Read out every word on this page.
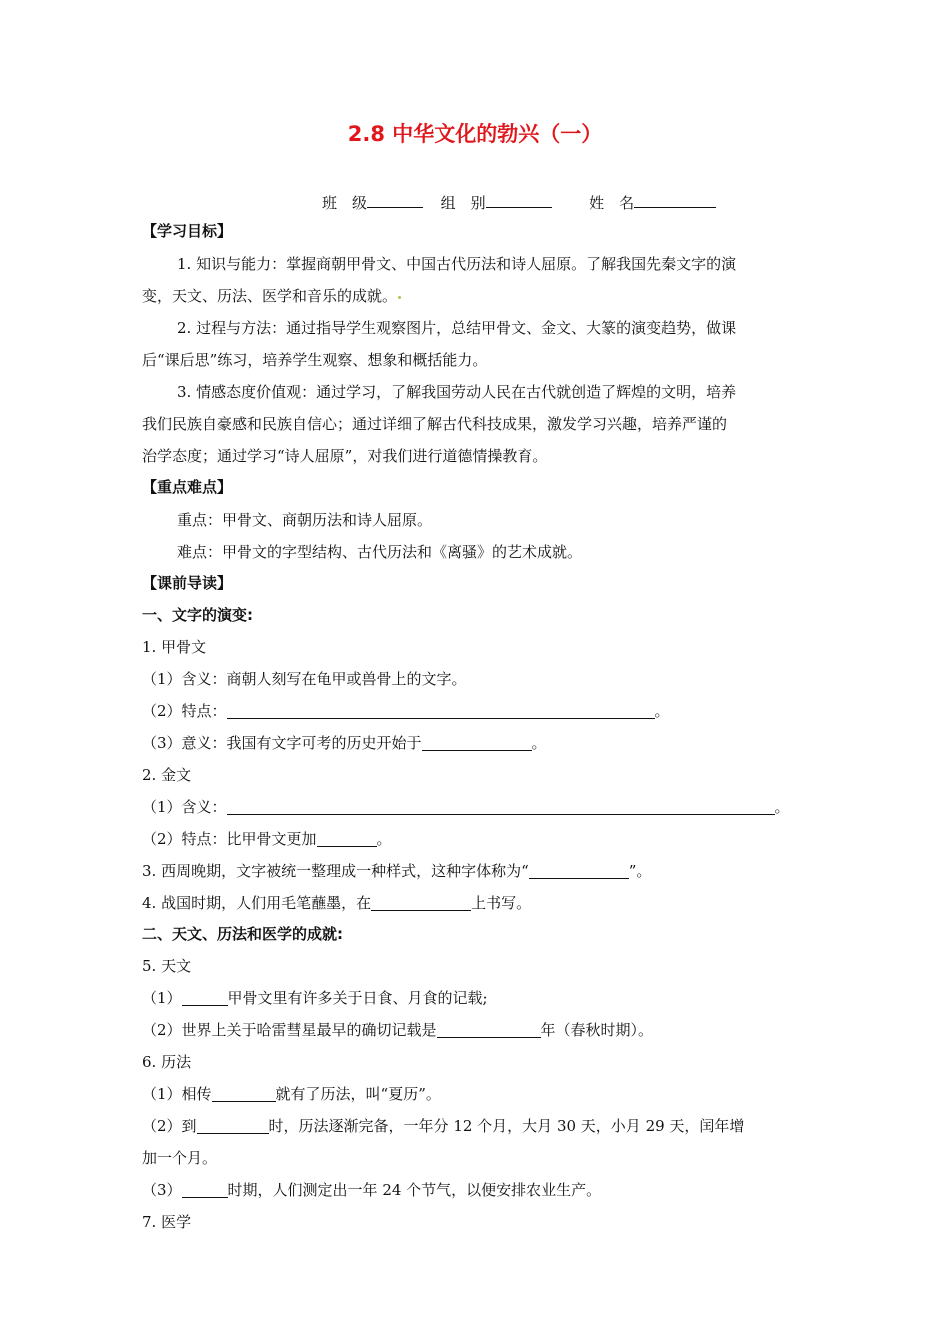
2.8 中华文化的勃兴（一）
班　级	组　别	姓　名
【学习目标】
1. 知识与能力：掌握商朝甲骨文、中国古代历法和诗人屈原。了解我国先秦文字的演
变，天文、历法、医学和音乐的成就。
2. 过程与方法：通过指导学生观察图片，总结甲骨文、金文、大篆的演变趋势，做课
后“课后思”练习，培养学生观察、想象和概括能力。
3. 情感态度价值观：通过学习，了解我国劳动人民在古代就创造了辉煌的文明，培养
我们民族自豪感和民族自信心；通过详细了解古代科技成果，激发学习兴趣，培养严谨的
治学态度；通过学习“诗人屈原”，对我们进行道德情操教育。
【重点难点】
重点：甲骨文、商朝历法和诗人屈原。
难点：甲骨文的字型结构、古代历法和《离骚》的艺术成就。
【课前导读】
一、文字的演变:
1. 甲骨文
（1）含义：商朝人刻写在龟甲或兽骨上的文字。
（2）特点：	。
（3）意义：我国有文字可考的历史开始于	。
2. 金文
（1）含义：	。
（2）特点：比甲骨文更加	。
3. 西周晚期，文字被统一整理成一种样式，这种字体称为“	”。
4. 战国时期，人们用毛笔蘸墨，在	上书写。
二、天文、历法和医学的成就:
5. 天文
（1）	甲骨文里有许多关于日食、月食的记载;
（2）世界上关于哈雷彗星最早的确切记载是	年（春秋时期）。
6. 历法
（1）相传	就有了历法，叫“夏历”。
（2）到	时，历法逐渐完备，一年分 12 个月，大月 30 天，小月 29 天，闰年增
加一个月。
（3）	时期，人们测定出一年 24 个节气，以便安排农业生产。
7. 医学
